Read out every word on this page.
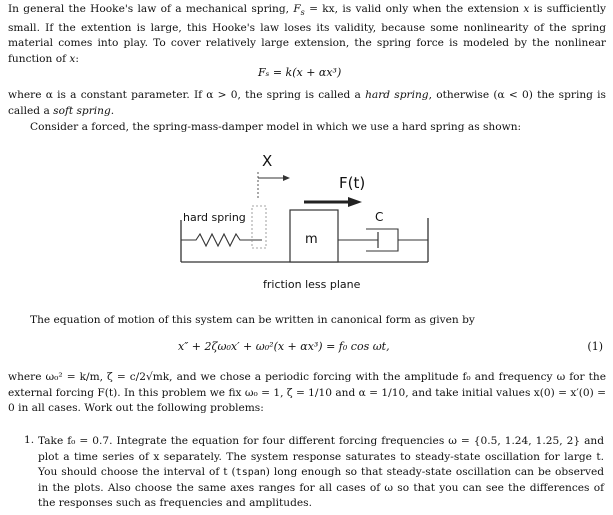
In general the Hooke's law of a mechanical spring, $F_s$ = kx, is valid only when the extension x is sufficiently small. If the extention is large, this Hooke's law loses its validity, because some nonlinearity of the spring material comes into play. To cover relatively large extension, the spring force is modeled by the nonlinear function of x:

Fₛ = k(x + αx³)

where α is a constant parameter. If α > 0, the spring is called a hard spring, otherwise (α < 0) the spring is called a soft spring.

Consider a forced, the spring-mass-damper model in which we use a hard spring as shown:

X
F(t)
hard spring	C
m
friction less plane

The equation of motion of this system can be written in canonical form as given by

x″ + 2ζω₀x′ + ω₀²(x + αx³) = f₀ cos ωt,	(1)

where ω₀² = k/m, ζ = c/2√mk, and we chose a periodic forcing with the amplitude f₀ and frequency ω for the external forcing F(t). In this problem we fix ω₀ = 1, ζ = 1/10 and α = 1/10, and take initial values x(0) = x′(0) = 0 in all cases. Work out the following problems:

1. Take f₀ = 0.7. Integrate the equation for four different forcing frequencies ω = {0.5, 1.24, 1.25, 2} and plot a time series of x separately. The system response saturates to steady-state oscillation for large t. You should choose the interval of t (tspan) long enough so that steady-state oscillation can be observed in the plots. Also choose the same axes ranges for all cases of ω so that you can see the differences of the responses such as frequencies and amplitudes.
